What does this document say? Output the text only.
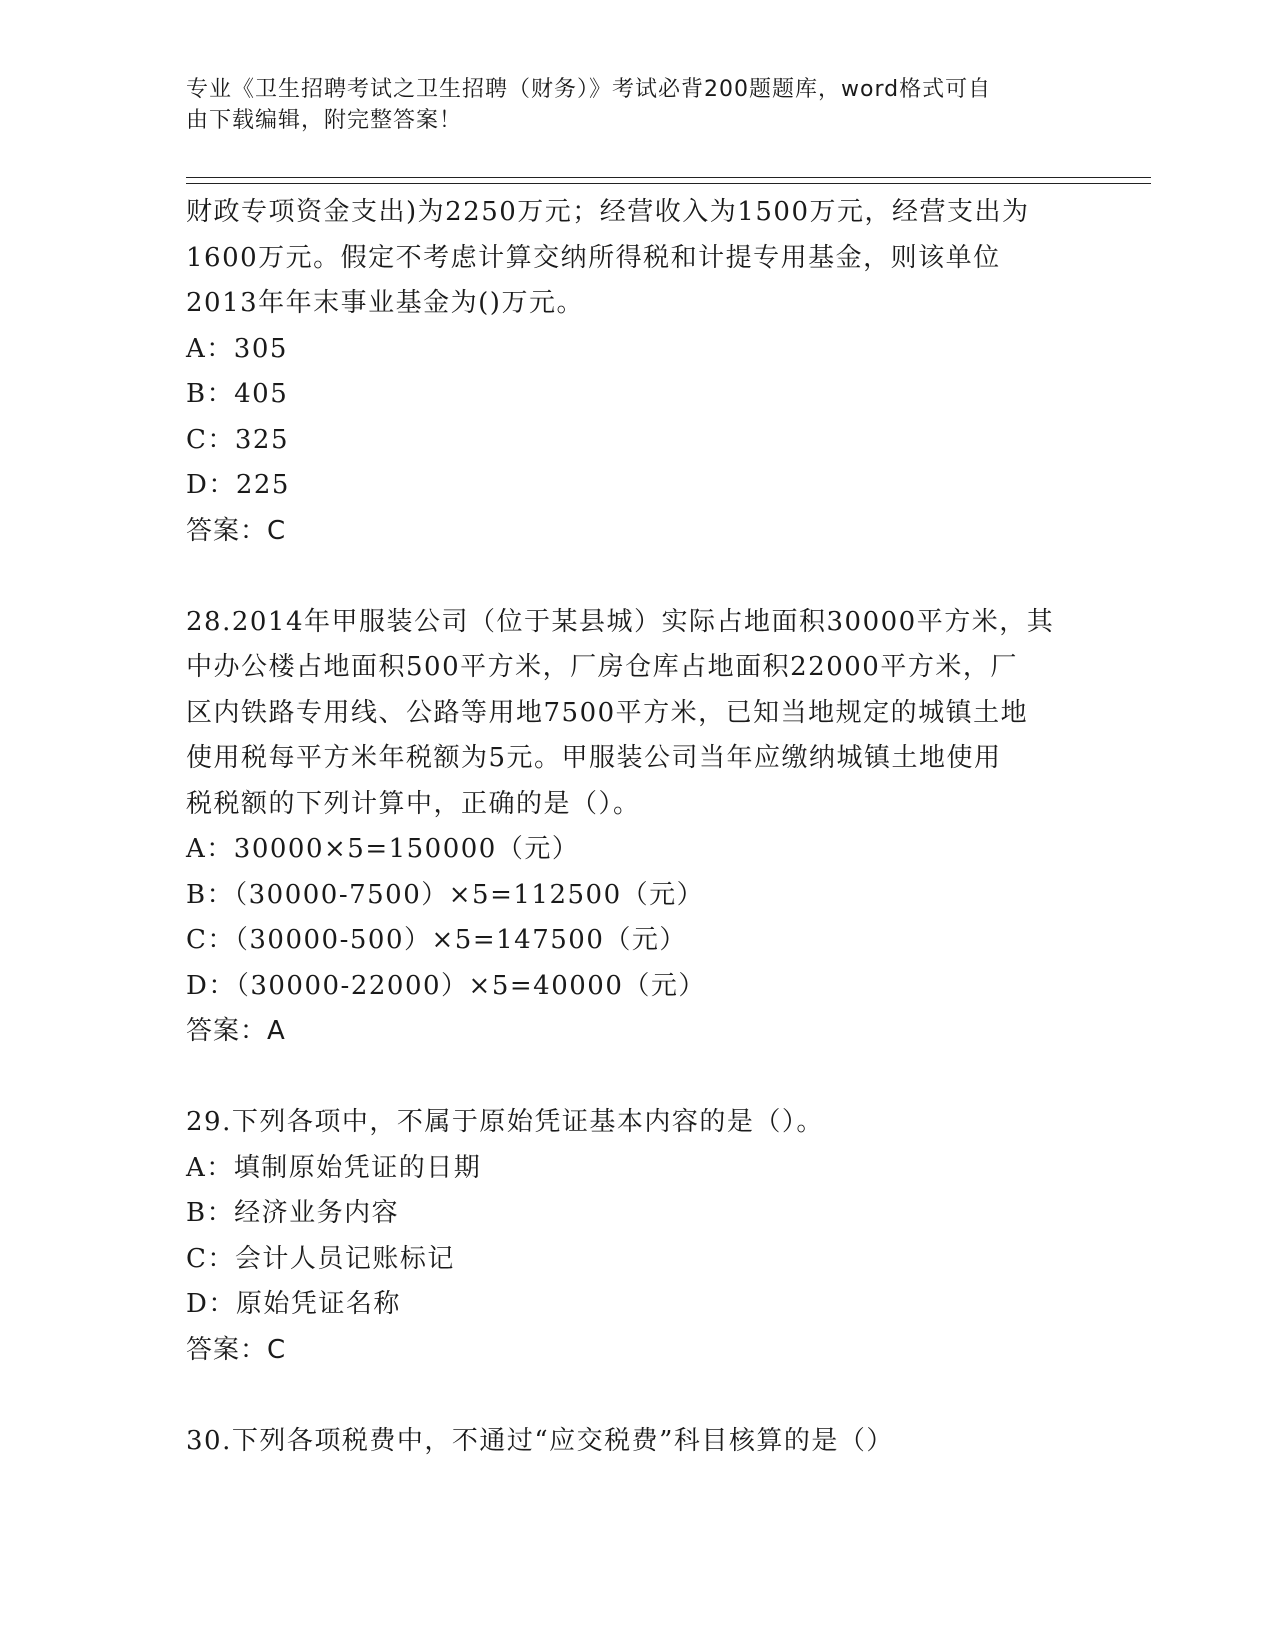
专业《卫生招聘考试之卫生招聘（财务）》考试必背200题题库，word格式可自
由下载编辑，附完整答案！
财政专项资金支出)为2250万元；经营收入为1500万元，经营支出为
1600万元。假定不考虑计算交纳所得税和计提专用基金，则该单位
2013年年末事业基金为()万元。
A：305
B：405
C：325
D：225
答案：C
28.2014年甲服装公司（位于某县城）实际占地面积30000平方米，其
中办公楼占地面积500平方米，厂房仓库占地面积22000平方米，厂
区内铁路专用线、公路等用地7500平方米，已知当地规定的城镇土地
使用税每平方米年税额为5元。甲服装公司当年应缴纳城镇土地使用
税税额的下列计算中，正确的是（）。
A：30000×5=150000（元）
B：（30000-7500）×5=112500（元）
C：（30000-500）×5=147500（元）
D：（30000-22000）×5=40000（元）
答案：A
29.下列各项中，不属于原始凭证基本内容的是（）。
A：填制原始凭证的日期
B：经济业务内容
C：会计人员记账标记
D：原始凭证名称
答案：C
30.下列各项税费中，不通过“应交税费”科目核算的是（）
